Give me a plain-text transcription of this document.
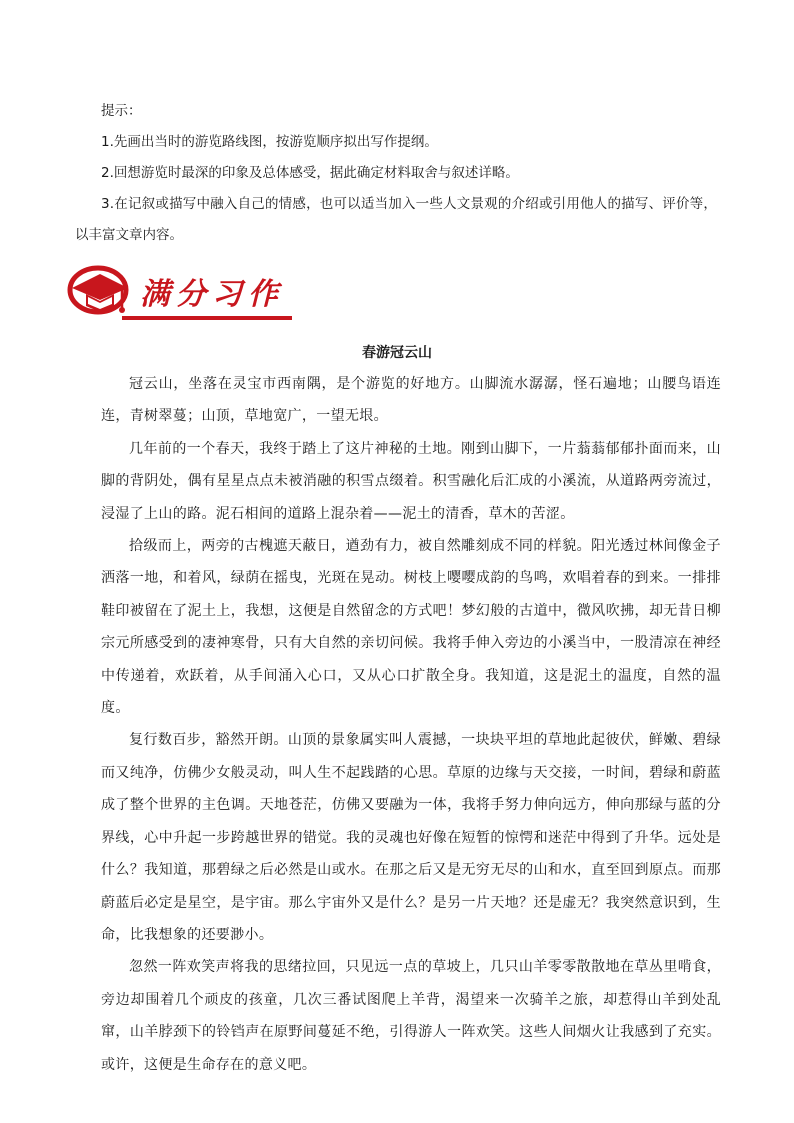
提示：

1.先画出当时的游览路线图，按游览顺序拟出写作提纲。

2.回想游览时最深的印象及总体感受，据此确定材料取舍与叙述详略。

3.在记叙或描写中融入自己的情感，也可以适当加入一些人文景观的介绍或引用他人的描写、评价等，

以丰富文章内容。

满分习作

春游冠云山

冠云山，坐落在灵宝市西南隅，是个游览的好地方。山脚流水潺潺，怪石遍地；山腰鸟语连连，青树翠蔓；山顶，草地宽广，一望无垠。

几年前的一个春天，我终于踏上了这片神秘的土地。刚到山脚下，一片蓊蓊郁郁扑面而来，山脚的背阴处，偶有星星点点未被消融的积雪点缀着。积雪融化后汇成的小溪流，从道路两旁流过，浸湿了上山的路。泥石相间的道路上混杂着——泥土的清香，草木的苦涩。

拾级而上，两旁的古槐遮天蔽日，遒劲有力，被自然雕刻成不同的样貌。阳光透过林间像金子洒落一地，和着风，绿荫在摇曳，光斑在晃动。树枝上嘤嘤成韵的鸟鸣，欢唱着春的到来。一排排鞋印被留在了泥土上，我想，这便是自然留念的方式吧！梦幻般的古道中，微风吹拂，却无昔日柳宗元所感受到的凄神寒骨，只有大自然的亲切问候。我将手伸入旁边的小溪当中，一股清凉在神经中传递着，欢跃着，从手间涌入心口，又从心口扩散全身。我知道，这是泥土的温度，自然的温度。

复行数百步，豁然开朗。山顶的景象属实叫人震撼，一块块平坦的草地此起彼伏，鲜嫩、碧绿而又纯净，仿佛少女般灵动，叫人生不起践踏的心思。草原的边缘与天交接，一时间，碧绿和蔚蓝成了整个世界的主色调。天地苍茫，仿佛又要融为一体，我将手努力伸向远方，伸向那绿与蓝的分界线，心中升起一步跨越世界的错觉。我的灵魂也好像在短暂的惊愕和迷茫中得到了升华。远处是什么？我知道，那碧绿之后必然是山或水。在那之后又是无穷无尽的山和水，直至回到原点。而那蔚蓝后必定是星空，是宇宙。那么宇宙外又是什么？是另一片天地？还是虚无？我突然意识到，生命，比我想象的还要渺小。

忽然一阵欢笑声将我的思绪拉回，只见远一点的草坡上，几只山羊零零散散地在草丛里啃食，旁边却围着几个顽皮的孩童，几次三番试图爬上羊背，渴望来一次骑羊之旅，却惹得山羊到处乱窜，山羊脖颈下的铃铛声在原野间蔓延不绝，引得游人一阵欢笑。这些人间烟火让我感到了充实。或许，这便是生命存在的意义吧。
